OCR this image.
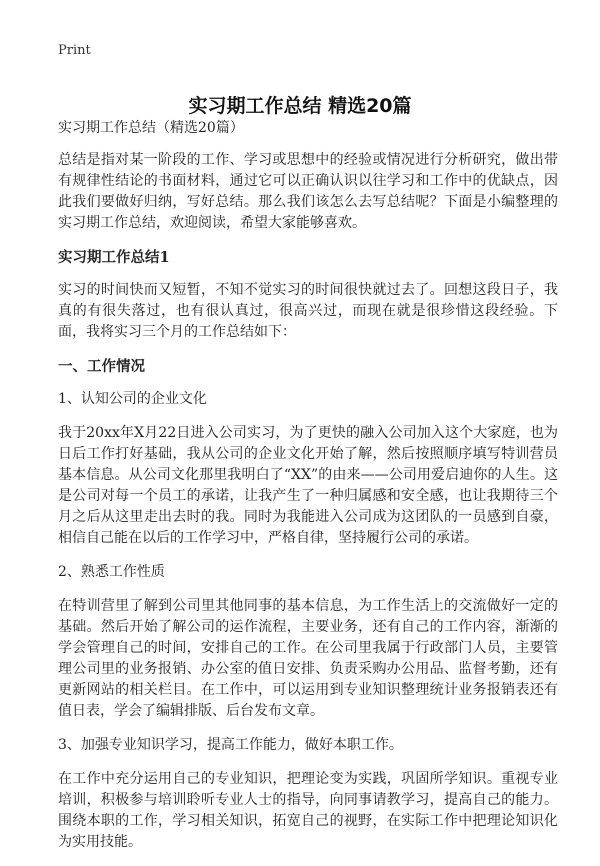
Print
实习期工作总结 精选20篇

实习期工作总结（精选20篇）

总结是指对某一阶段的工作、学习或思想中的经验或情况进行分析研究，做出带有规律性结论的书面材料，通过它可以正确认识以往学习和工作中的优缺点，因此我们要做好归纳，写好总结。那么我们该怎么去写总结呢？下面是小编整理的实习期工作总结，欢迎阅读，希望大家能够喜欢。

实习期工作总结1

实习的时间快而又短暂，不知不觉实习的时间很快就过去了。回想这段日子，我真的有很失落过，也有很认真过，很高兴过，而现在就是很珍惜这段经验。下面，我将实习三个月的工作总结如下：

一、工作情况

1、认知公司的企业文化

我于20xx年X月22日进入公司实习，为了更快的融入公司加入这个大家庭，也为日后工作打好基础，我从公司的企业文化开始了解，然后按照顺序填写特训营员基本信息。从公司文化那里我明白了“XX”的由来——公司用爱启迪你的人生。这是公司对每一个员工的承诺，让我产生了一种归属感和安全感，也让我期待三个月之后从这里走出去时的我。同时为我能进入公司成为这团队的一员感到自豪，相信自己能在以后的工作学习中，严格自律，坚持履行公司的承诺。

2、熟悉工作性质

在特训营里了解到公司里其他同事的基本信息，为工作生活上的交流做好一定的基础。然后开始了解公司的运作流程，主要业务，还有自己的工作内容，渐渐的学会管理自己的时间，安排自己的工作。在公司里我属于行政部门人员，主要管理公司里的业务报销、办公室的值日安排、负责采购办公用品、监督考勤，还有更新网站的相关栏目。在工作中，可以运用到专业知识整理统计业务报销表还有值日表，学会了编辑排版、后台发布文章。

3、加强专业知识学习，提高工作能力，做好本职工作。

在工作中充分运用自己的专业知识，把理论变为实践，巩固所学知识。重视专业培训，积极参与培训聆听专业人士的指导，向同事请教学习，提高自己的能力。围绕本职的工作，学习相关知识，拓宽自己的视野，在实际工作中把理论知识化为实用技能。
